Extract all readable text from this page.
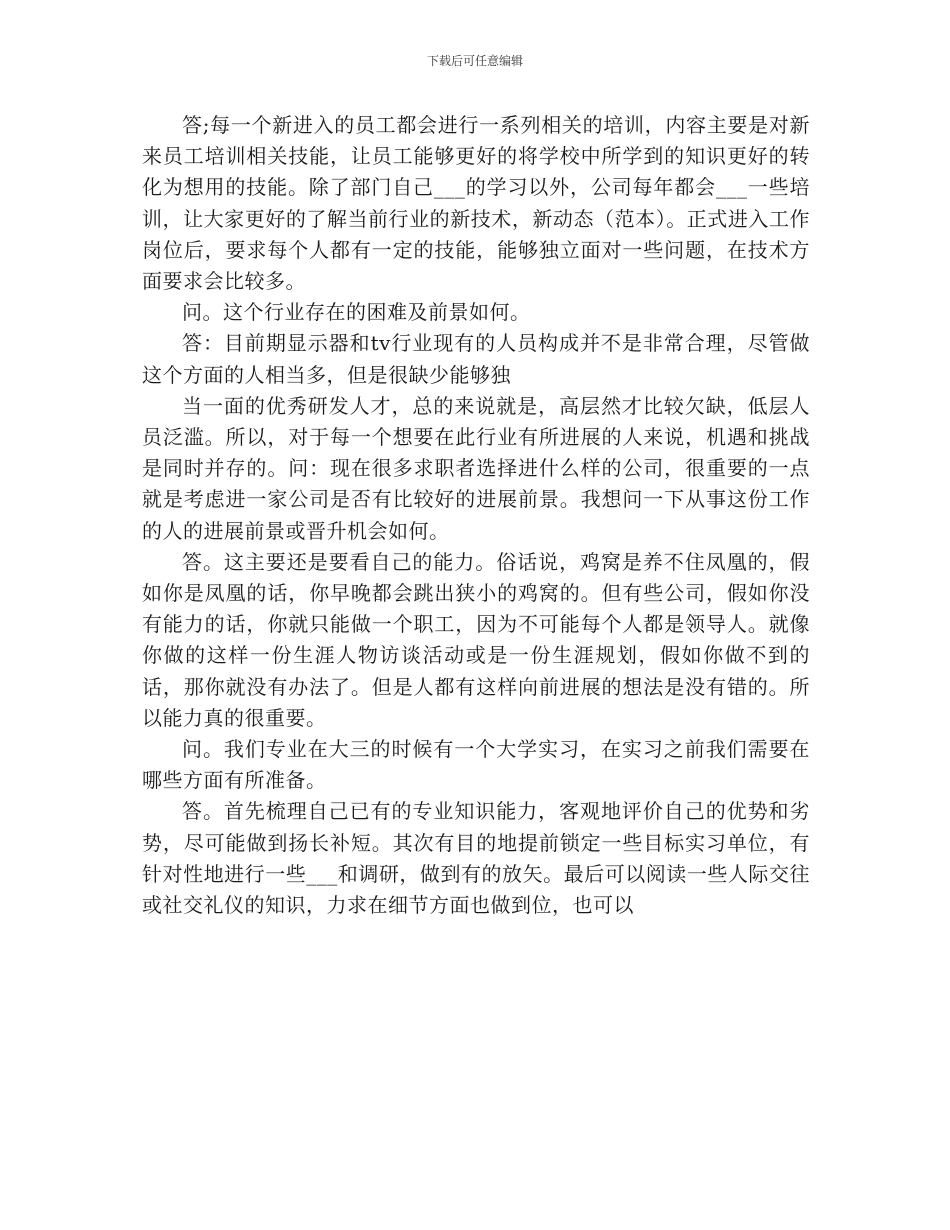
下载后可任意编辑

答;每一个新进入的员工都会进行一系列相关的培训，内容主要是对新来员工培训相关技能，让员工能够更好的将学校中所学到的知识更好的转化为想用的技能。除了部门自己___的学习以外，公司每年都会___一些培训，让大家更好的了解当前行业的新技术，新动态（范本）。正式进入工作岗位后，要求每个人都有一定的技能，能够独立面对一些问题，在技术方面要求会比较多。

问。这个行业存在的困难及前景如何。

答：目前期显示器和tv行业现有的人员构成并不是非常合理，尽管做这个方面的人相当多，但是很缺少能够独

当一面的优秀研发人才，总的来说就是，高层然才比较欠缺，低层人员泛滥。所以，对于每一个想要在此行业有所进展的人来说，机遇和挑战是同时并存的。问：现在很多求职者选择进什么样的公司，很重要的一点就是考虑进一家公司是否有比较好的进展前景。我想问一下从事这份工作的人的进展前景或晋升机会如何。

答。这主要还是要看自己的能力。俗话说，鸡窝是养不住凤凰的，假如你是凤凰的话，你早晚都会跳出狭小的鸡窝的。但有些公司，假如你没有能力的话，你就只能做一个职工，因为不可能每个人都是领导人。就像你做的这样一份生涯人物访谈活动或是一份生涯规划，假如你做不到的话，那你就没有办法了。但是人都有这样向前进展的想法是没有错的。所以能力真的很重要。

问。我们专业在大三的时候有一个大学实习，在实习之前我们需要在哪些方面有所准备。

答。首先梳理自己已有的专业知识能力，客观地评价自己的优势和劣势，尽可能做到扬长补短。其次有目的地提前锁定一些目标实习单位，有针对性地进行一些___和调研，做到有的放矢。最后可以阅读一些人际交往或社交礼仪的知识，力求在细节方面也做到位，也可以
